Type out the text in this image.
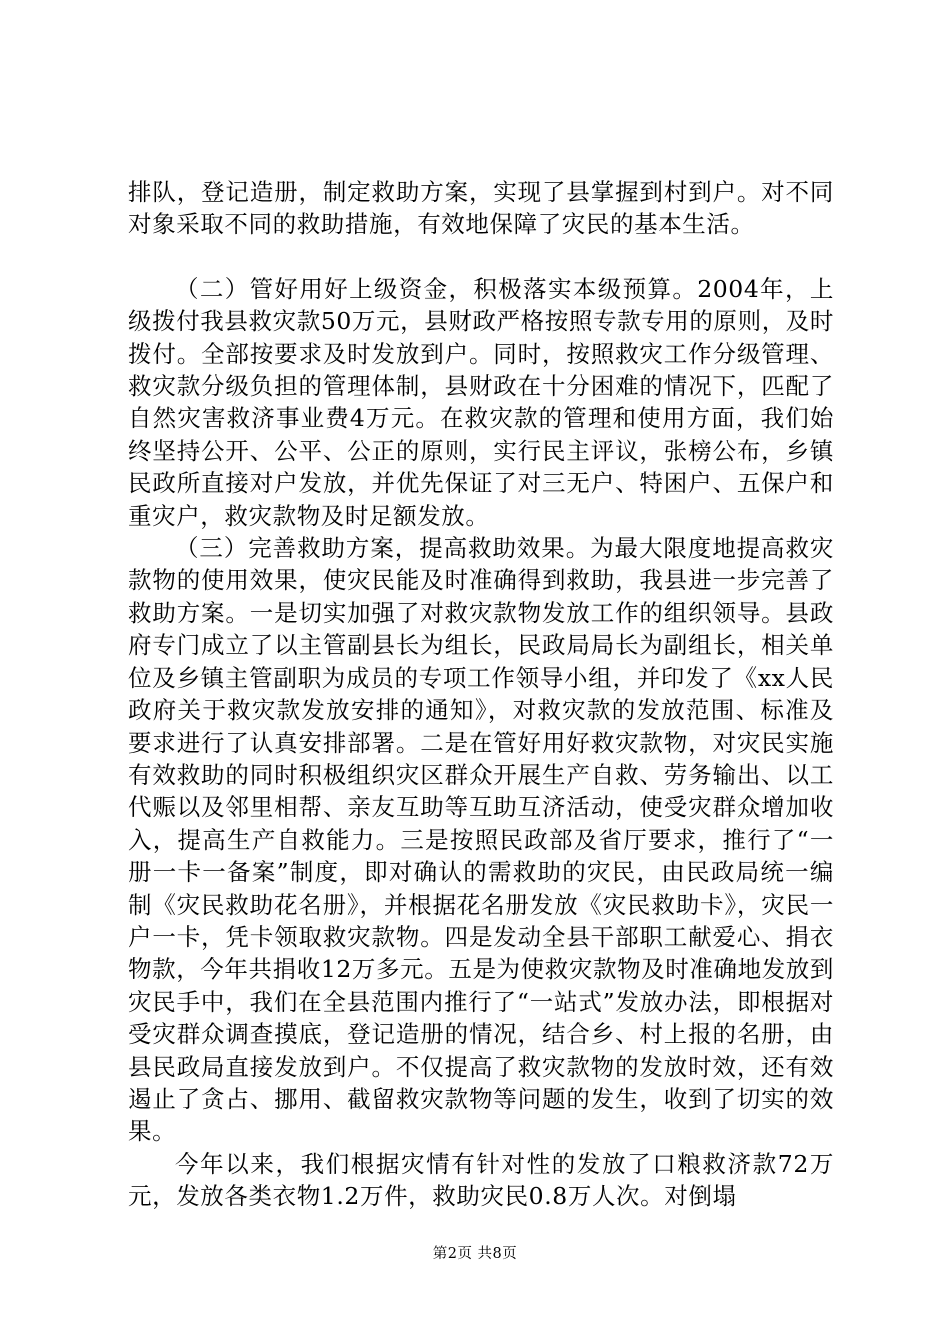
排队，登记造册，制定救助方案，实现了县掌握到村到户。对不同对象采取不同的救助措施，有效地保障了灾民的基本生活。

（二）管好用好上级资金，积极落实本级预算。2004年，上级拨付我县救灾款50万元，县财政严格按照专款专用的原则，及时拨付。全部按要求及时发放到户。同时，按照救灾工作分级管理、救灾款分级负担的管理体制，县财政在十分困难的情况下，匹配了自然灾害救济事业费4万元。在救灾款的管理和使用方面，我们始终坚持公开、公平、公正的原则，实行民主评议，张榜公布，乡镇民政所直接对户发放，并优先保证了对三无户、特困户、五保户和重灾户，救灾款物及时足额发放。

（三）完善救助方案，提高救助效果。为最大限度地提高救灾款物的使用效果，使灾民能及时准确得到救助，我县进一步完善了救助方案。一是切实加强了对救灾款物发放工作的组织领导。县政府专门成立了以主管副县长为组长，民政局局长为副组长，相关单位及乡镇主管副职为成员的专项工作领导小组，并印发了《xx人民政府关于救灾款发放安排的通知》，对救灾款的发放范围、标准及要求进行了认真安排部署。二是在管好用好救灾款物，对灾民实施有效救助的同时积极组织灾区群众开展生产自救、劳务输出、以工代赈以及邻里相帮、亲友互助等互助互济活动，使受灾群众增加收入，提高生产自救能力。三是按照民政部及省厅要求，推行了“一册一卡一备案”制度，即对确认的需救助的灾民，由民政局统一编制《灾民救助花名册》，并根据花名册发放《灾民救助卡》，灾民一户一卡，凭卡领取救灾款物。四是发动全县干部职工献爱心、捐衣物款，今年共捐收12万多元。五是为使救灾款物及时准确地发放到灾民手中，我们在全县范围内推行了“一站式”发放办法，即根据对受灾群众调查摸底，登记造册的情况，结合乡、村上报的名册，由县民政局直接发放到户。不仅提高了救灾款物的发放时效，还有效遏止了贪占、挪用、截留救灾款物等问题的发生，收到了切实的效果。

今年以来，我们根据灾情有针对性的发放了口粮救济款72万元，发放各类衣物1.2万件，救助灾民0.8万人次。对倒塌

第2页 共8页
